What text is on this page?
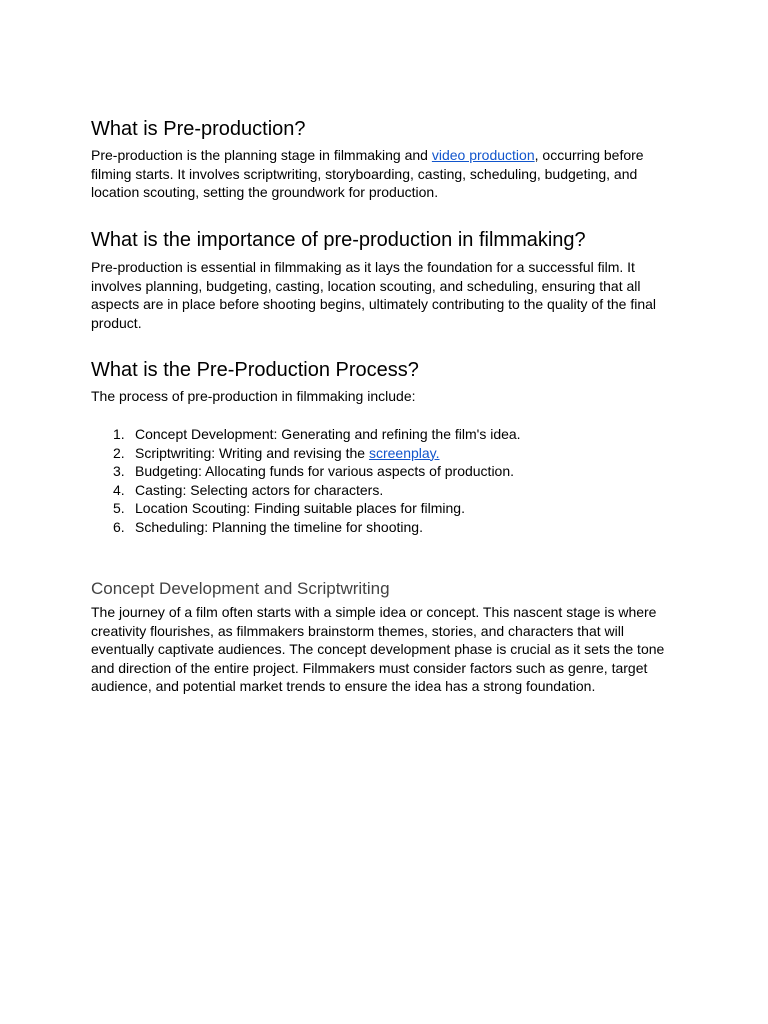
What is Pre-production?

Pre-production is the planning stage in filmmaking and video production, occurring before filming starts. It involves scriptwriting, storyboarding, casting, scheduling, budgeting, and location scouting, setting the groundwork for production.

What is the importance of pre-production in filmmaking?

Pre-production is essential in filmmaking as it lays the foundation for a successful film. It involves planning, budgeting, casting, location scouting, and scheduling, ensuring that all aspects are in place before shooting begins, ultimately contributing to the quality of the final product.

What is the Pre-Production Process?

The process of pre-production in filmmaking include:

1. Concept Development: Generating and refining the film's idea.
2. Scriptwriting: Writing and revising the screenplay.
3. Budgeting: Allocating funds for various aspects of production.
4. Casting: Selecting actors for characters.
5. Location Scouting: Finding suitable places for filming.
6. Scheduling: Planning the timeline for shooting.
Concept Development and Scriptwriting

The journey of a film often starts with a simple idea or concept. This nascent stage is where creativity flourishes, as filmmakers brainstorm themes, stories, and characters that will eventually captivate audiences. The concept development phase is crucial as it sets the tone and direction of the entire project. Filmmakers must consider factors such as genre, target audience, and potential market trends to ensure the idea has a strong foundation.
